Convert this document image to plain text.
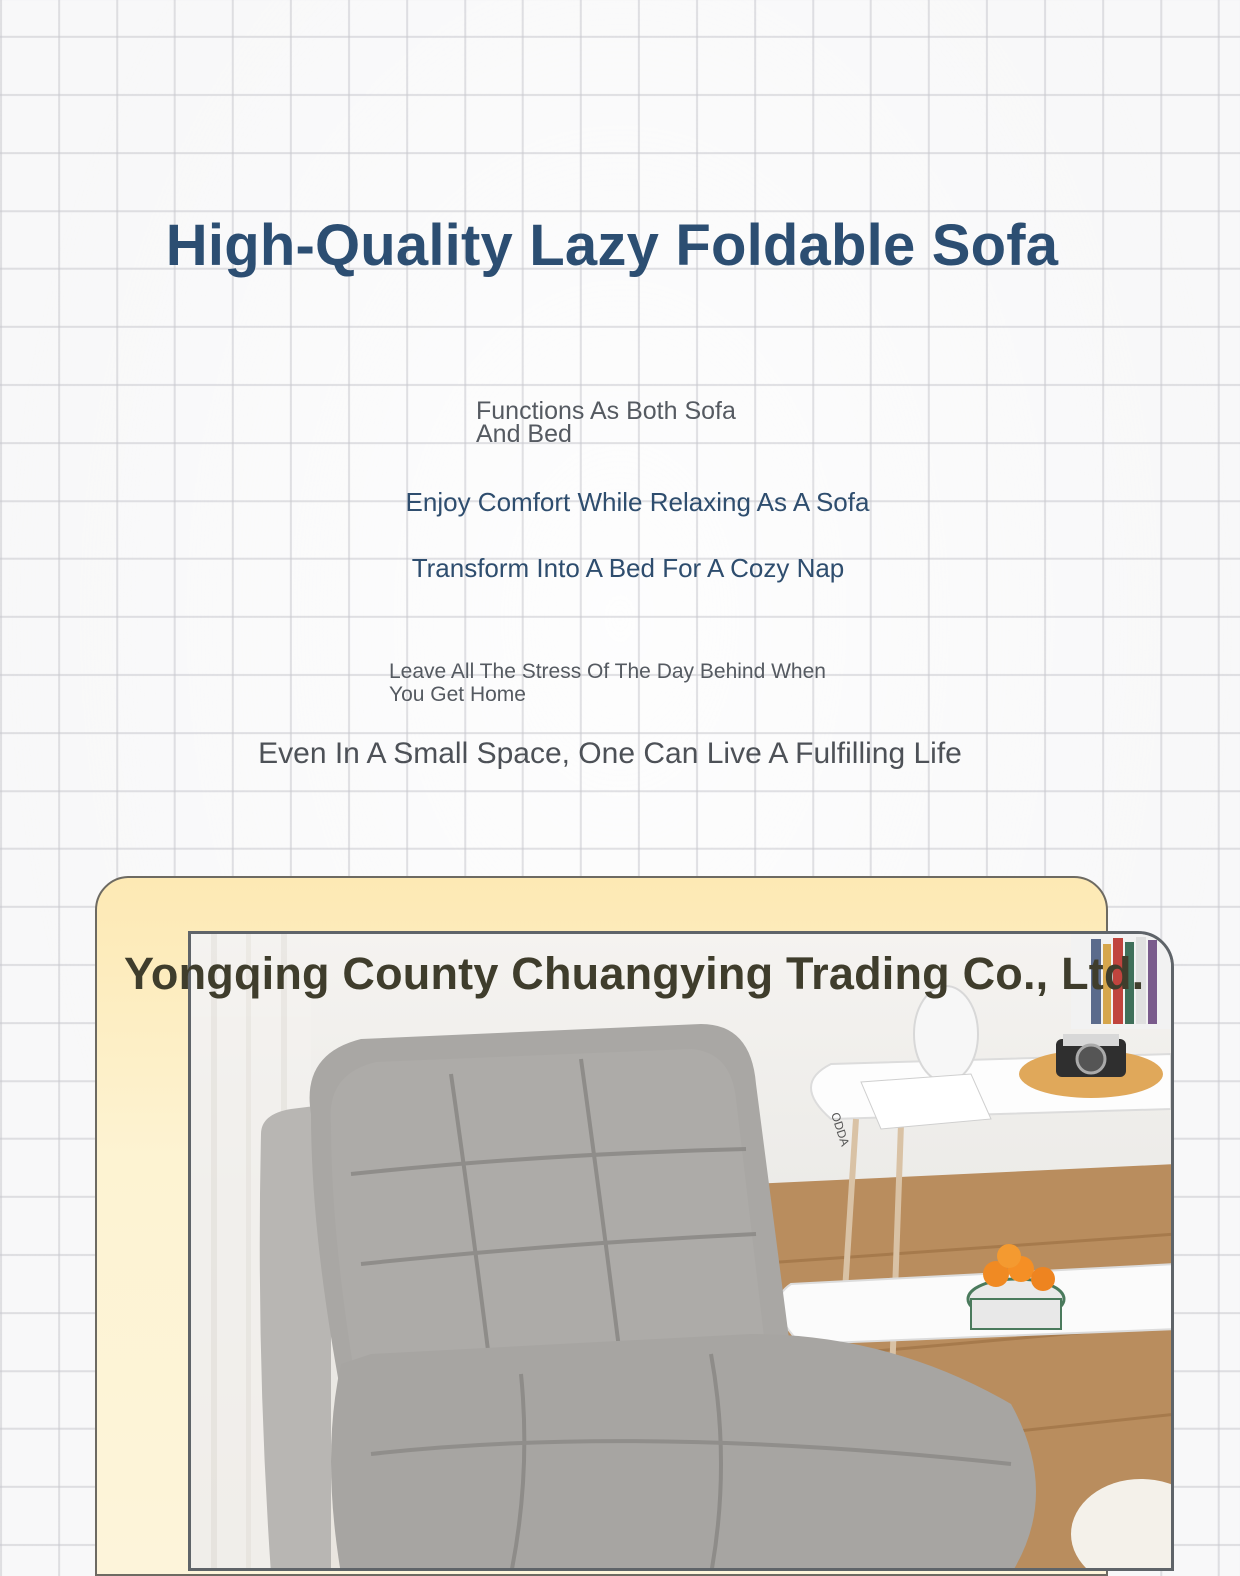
High-Quality Lazy Foldable Sofa

Functions As Both Sofa And Bed

Enjoy Comfort While Relaxing As A Sofa

Transform Into A Bed For A Cozy Nap

Leave All The Stress Of The Day Behind When You Get Home

Even In A Small Space, One Can Live A Fulfilling Life

ODDA
Yongqing County Chuangying Trading Co., Ltd.
